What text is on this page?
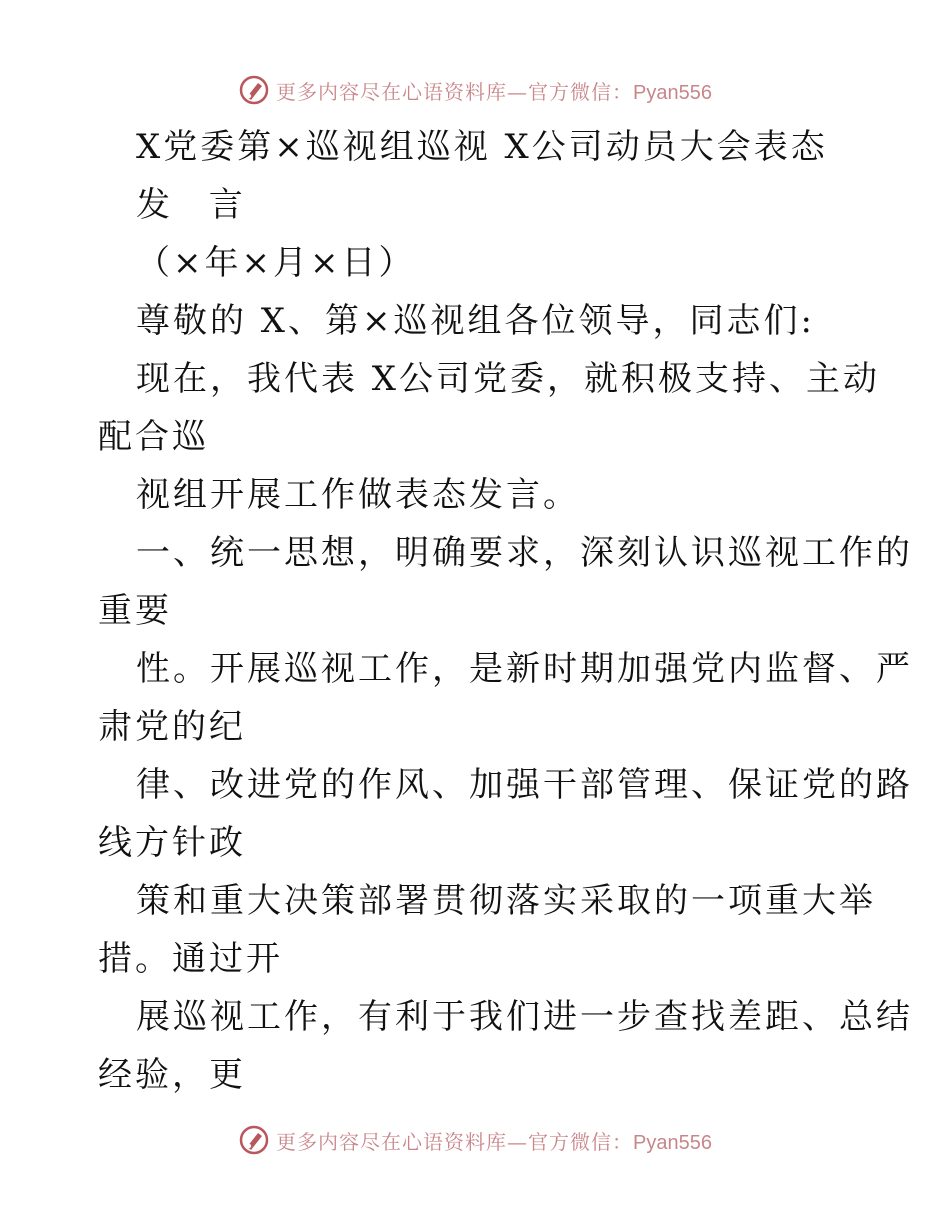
更多内容尽在心语资料库—官方微信：Pyan556
X党委第×巡视组巡视 X公司动员大会表态
发 言
（×年×月×日）
尊敬的 X、第×巡视组各位领导，同志们:
现在，我代表 X公司党委，就积极支持、主动
配合巡
视组开展工作做表态发言。
一、统一思想，明确要求，深刻认识巡视工作的
重要
性。开展巡视工作，是新时期加强党内监督、严
肃党的纪
律、改进党的作风、加强干部管理、保证党的路
线方针政
策和重大决策部署贯彻落实采取的一项重大举
措。通过开
展巡视工作，有利于我们进一步查找差距、总结
经验，更
更多内容尽在心语资料库—官方微信：Pyan556
